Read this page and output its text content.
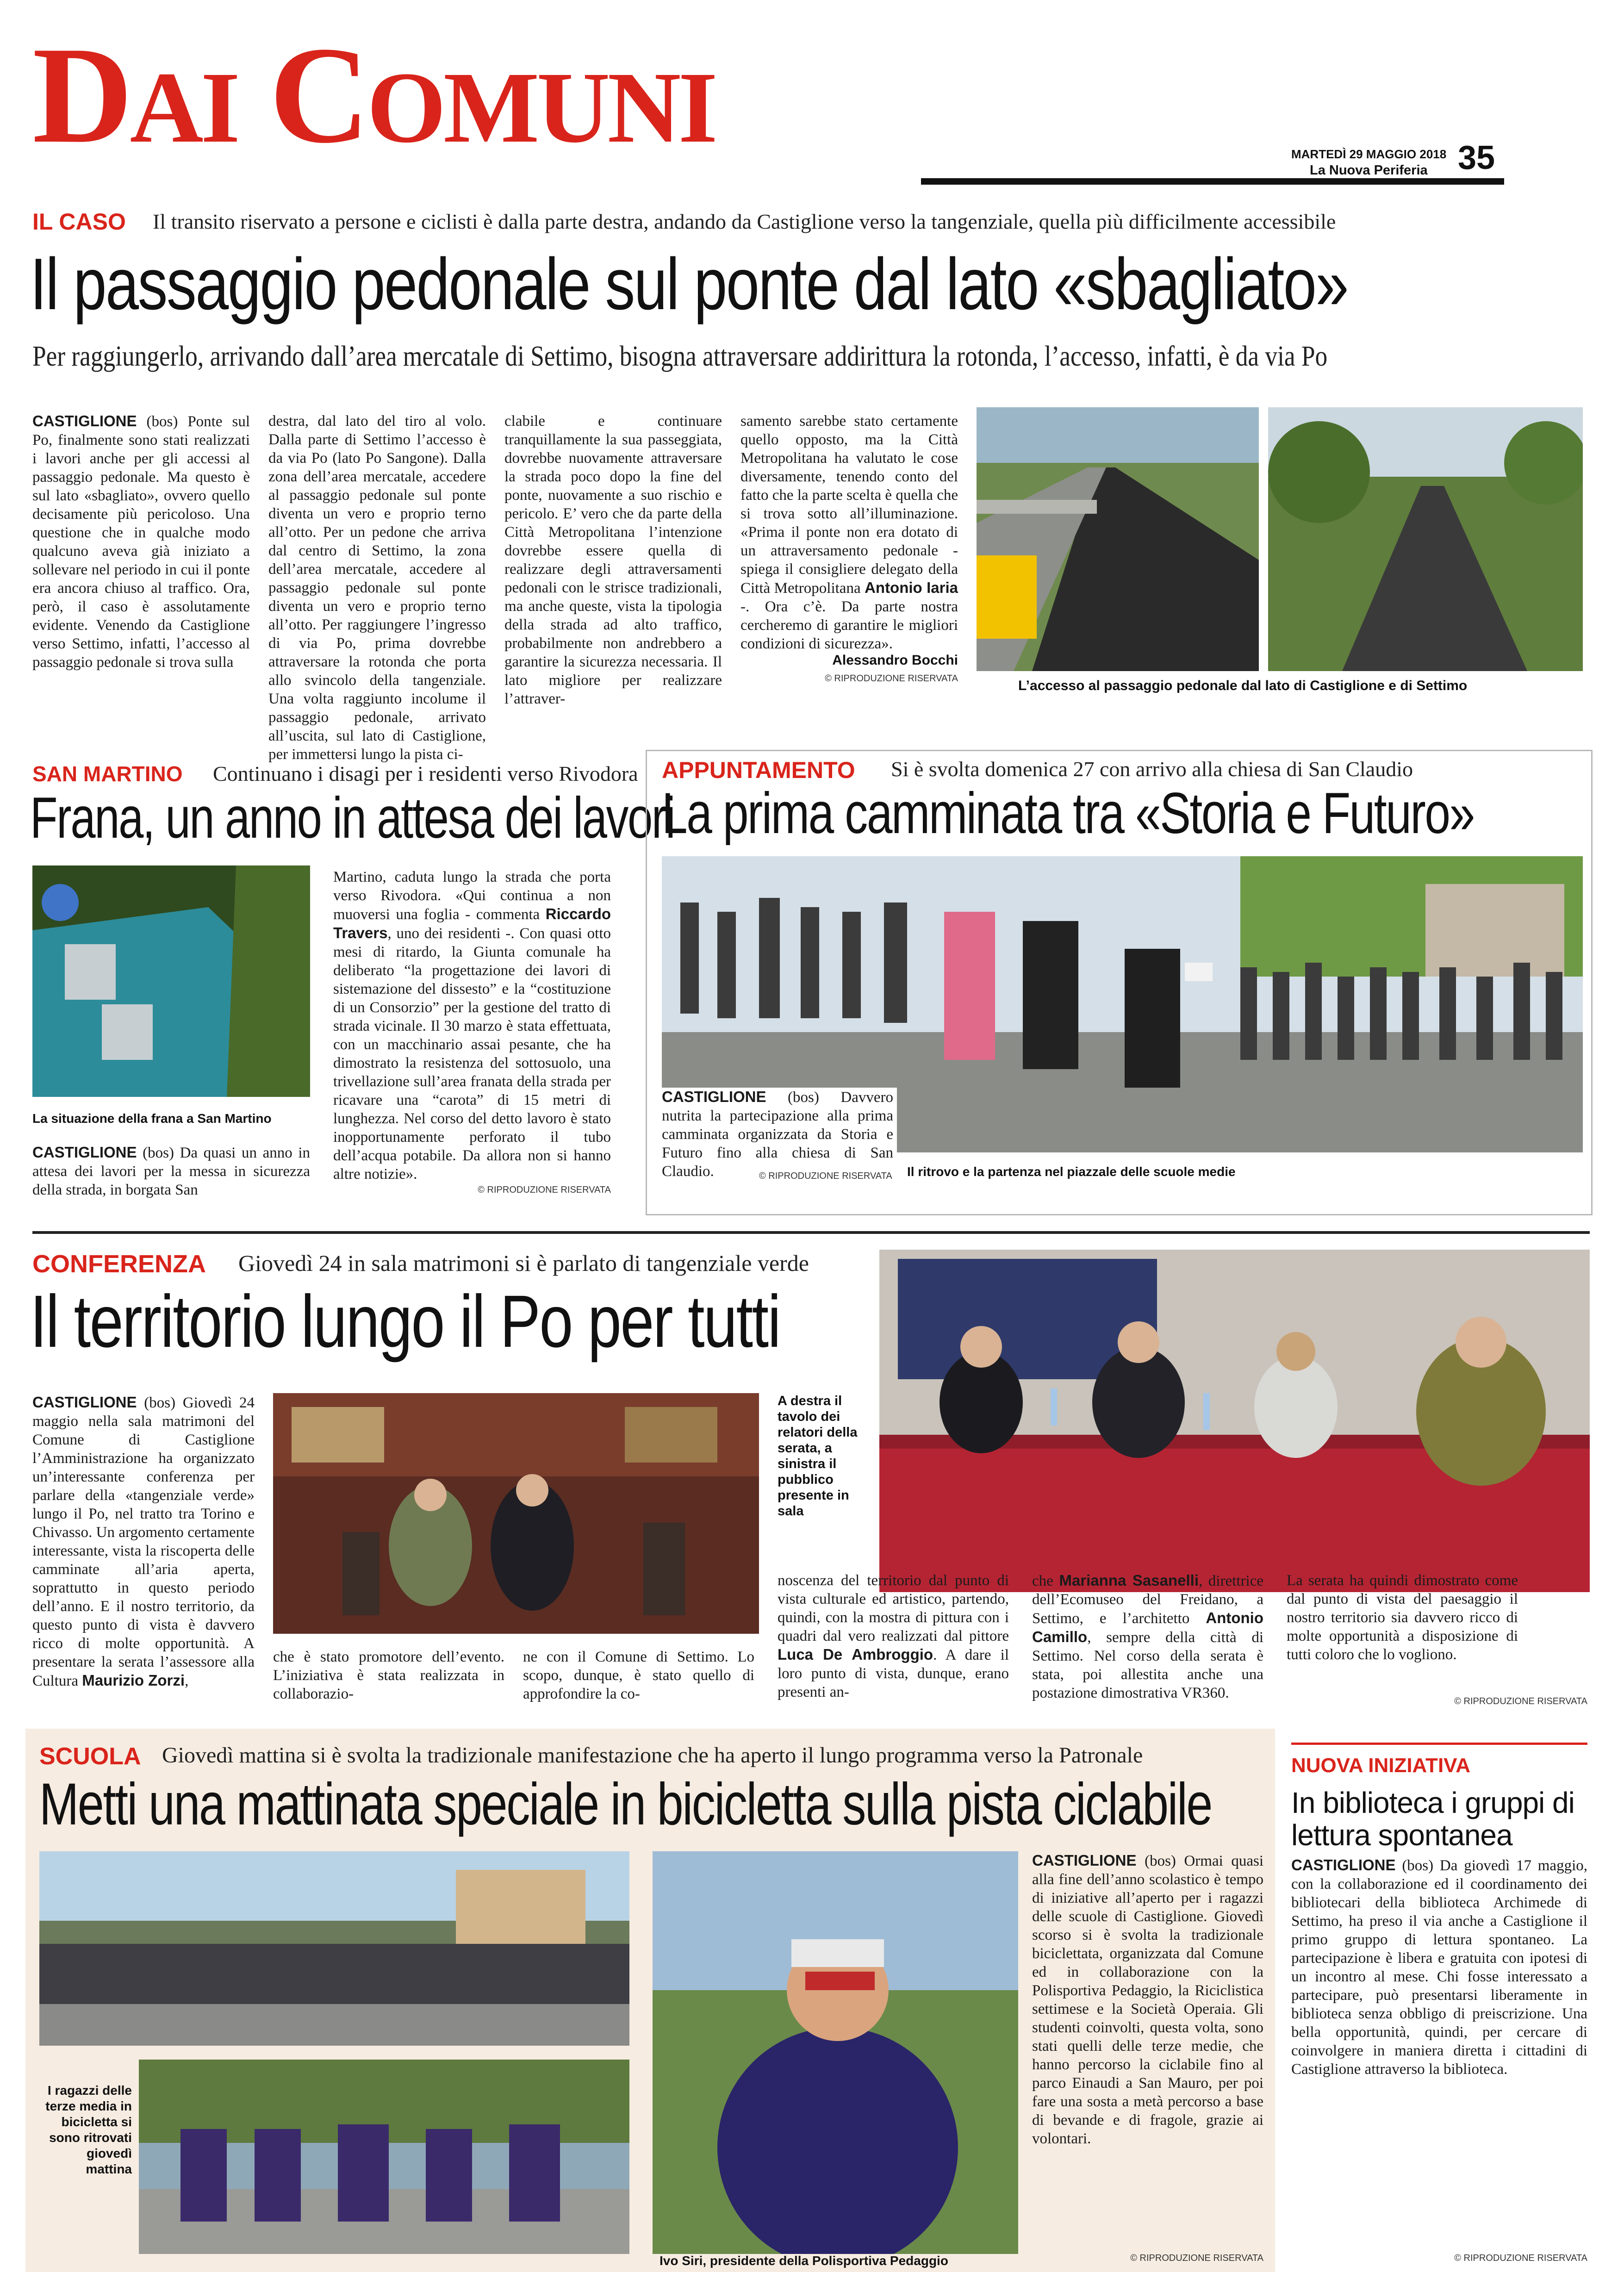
DAI COMUNI	MARTEDÌ 29 MAGGIO 2018
La Nuova Periferia 35
IL CASO Il transito riservato a persone e ciclisti è dalla parte destra, andando da Castiglione verso la tangenziale, quella più difficilmente accessibile
Il passaggio pedonale sul ponte dal lato «sbagliato»
Per raggiungerlo, arrivando dall’area mercatale di Settimo, bisogna attraversare addirittura la rotonda, l’accesso, infatti, è da via Po
CASTIGLIONE (bos) Ponte sul Po, finalmente sono stati realizzati i lavori anche per gli accessi al passaggio pedonale. Ma questo è sul lato «sbagliato», ovvero quello decisamente più pericoloso. Una questione che in qualche modo qualcuno aveva già iniziato a sollevare nel periodo in cui il ponte era ancora chiuso al traffico. Ora, però, il caso è assolutamente evidente. Venendo da Castiglione verso Settimo, infatti, l’accesso al passaggio pedonale si trova sulla
destra, dal lato del tiro al volo. Dalla parte di Settimo l’accesso è da via Po (lato Po Sangone). Dalla zona dell’area mercatale, accedere al passaggio pedonale sul ponte diventa un vero e proprio terno all’otto. Per un pedone che arriva dal centro di Settimo, la zona dell’area mercatale, accedere al passaggio pedonale sul ponte diventa un vero e proprio terno all’otto. Per raggiungere l’ingresso di via Po, prima dovrebbe attraversare la rotonda che porta allo svincolo della tangenziale. Una volta raggiunto incolume il passaggio pedonale, arrivato all’uscita, sul lato di Castiglione, per immettersi lungo la pista ci-
clabile e continuare tranquillamente la sua passeggiata, dovrebbe nuovamente attraversare la strada poco dopo la fine del ponte, nuovamente a suo rischio e pericolo. E’ vero che da parte della Città Metropolitana l’intenzione dovrebbe essere quella di realizzare degli attraversamenti pedonali con le strisce tradizionali, ma anche queste, vista la tipologia della strada ad alto traffico, probabilmente non andrebbero a garantire la sicurezza necessaria. Il lato migliore per realizzare l’attraver-
samento sarebbe stato certamente quello opposto, ma la Città Metropolitana ha valutato le cose diversamente, tenendo conto del fatto che la parte scelta è quella che si trova sotto all’illuminazione. «Prima il ponte non era dotato di un attraversamento pedonale - spiega il consigliere delegato della Città Metropolitana Antonio Iaria -. Ora c’è. Da parte nostra cercheremo di garantire le migliori condizioni di sicurezza».
Alessandro Bocchi
© RIPRODUZIONE RISERVATA	L’accesso al passaggio pedonale dal lato di Castiglione e di Settimo
SAN MARTINO Continuano i disagi per i residenti verso Rivodora
Frana, un anno in attesa dei lavori
La situazione della frana a San Martino
CASTIGLIONE (bos) Da quasi un anno in attesa dei lavori per la messa in sicurezza della strada, in borgata San
Martino, caduta lungo la strada che porta verso Rivodora. «Qui continua a non muoversi una foglia - commenta Riccardo Travers, uno dei residenti -. Con quasi otto mesi di ritardo, la Giunta comunale ha deliberato “la progettazione dei lavori di sistemazione del dissesto” e la “costituzione di un Consorzio” per la gestione del tratto di strada vicinale. Il 30 marzo è stata effettuata, con un macchinario assai pesante, che ha dimostrato la resistenza del sottosuolo, una trivellazione sull’area franata della strada per ricavare una “carota” di 15 metri di lunghezza. Nel corso del detto lavoro è stato inopportunamente perforato il tubo dell’acqua potabile. Da allora non si hanno altre notizie».
© RIPRODUZIONE RISERVATA
APPUNTAMENTO Si è svolta domenica 27 con arrivo alla chiesa di San Claudio
La prima camminata tra «Storia e Futuro»
CASTIGLIONE (bos) Davvero nutrita la partecipazione alla prima camminata organizzata da Storia e Futuro fino alla chiesa di San Claudio.	© RIPRODUZIONE RISERVATA Il ritrovo e la partenza nel piazzale delle scuole medie
CONFERENZA Giovedì 24 in sala matrimoni si è parlato di tangenziale verde
Il territorio lungo il Po per tutti
CASTIGLIONE (bos) Giovedì 24 maggio nella sala matrimoni del Comune di Castiglione l’Amministrazione ha organizzato un’interessante conferenza per parlare della «tangenziale verde» lungo il Po, nel tratto tra Torino e Chivasso. Un argomento certamente interessante, vista la riscoperta delle camminate all’aria aperta, soprattutto in questo periodo dell’anno. E il nostro territorio, da questo punto di vista è davvero ricco di molte opportunità. A presentare la serata l’assessore alla Cultura Maurizio Zorzi,
che è stato promotore dell’evento. L’iniziativa è stata realizzata in collaborazio-
ne con il Comune di Settimo. Lo scopo, dunque, è stato quello di approfondire la co-
A destra il tavolo dei relatori della serata, a sinistra il pubblico presente in sala
noscenza del territorio dal punto di vista culturale ed artistico, partendo, quindi, con la mostra di pittura con i quadri dal vero realizzati dal pittore Luca De Ambroggio. A dare il loro punto di vista, dunque, erano presenti an-
che Marianna Sasanelli, direttrice dell’Ecomuseo del Freidano, a Settimo, e l’architetto Antonio Camillo, sempre della città di Settimo. Nel corso della serata è stata, poi allestita anche una postazione dimostrativa VR360.
La serata ha quindi dimostrato come dal punto di vista del paesaggio il nostro territorio sia davvero ricco di molte opportunità a disposizione di tutti coloro che lo vogliono.
© RIPRODUZIONE RISERVATA
SCUOLA Giovedì mattina si è svolta la tradizionale manifestazione che ha aperto il lungo programma verso la Patronale
Metti una mattinata speciale in bicicletta sulla pista ciclabile
I ragazzi delle terze media in bicicletta si sono ritrovati giovedì mattina
Ivo Siri, presidente della Polisportiva Pedaggio
CASTIGLIONE (bos) Ormai quasi alla fine dell’anno scolastico è tempo di iniziative all’aperto per i ragazzi delle scuole di Castiglione. Giovedì scorso si è svolta la tradizionale biciclettata, organizzata dal Comune ed in collaborazione con la Polisportiva Pedaggio, la Riciclistica settimese e la Società Operaia. Gli studenti coinvolti, questa volta, sono stati quelli delle terze medie, che hanno percorso la ciclabile fino al parco Einaudi a San Mauro, per poi fare una sosta a metà percorso a base di bevande e di fragole, grazie ai volontari.
© RIPRODUZIONE RISERVATA
NUOVA INIZIATIVA
In biblioteca i gruppi di lettura spontanea
CASTIGLIONE (bos) Da giovedì 17 maggio, con la collaborazione ed il coordinamento dei bibliotecari della biblioteca Archimede di Settimo, ha preso il via anche a Castiglione il primo gruppo di lettura spontaneo. La partecipazione è libera e gratuita con ipotesi di un incontro al mese. Chi fosse interessato a partecipare, può presentarsi liberamente in biblioteca senza obbligo di preiscrizione. Una bella opportunità, quindi, per cercare di coinvolgere in maniera diretta i cittadini di Castiglione attraverso la biblioteca.
© RIPRODUZIONE RISERVATA
